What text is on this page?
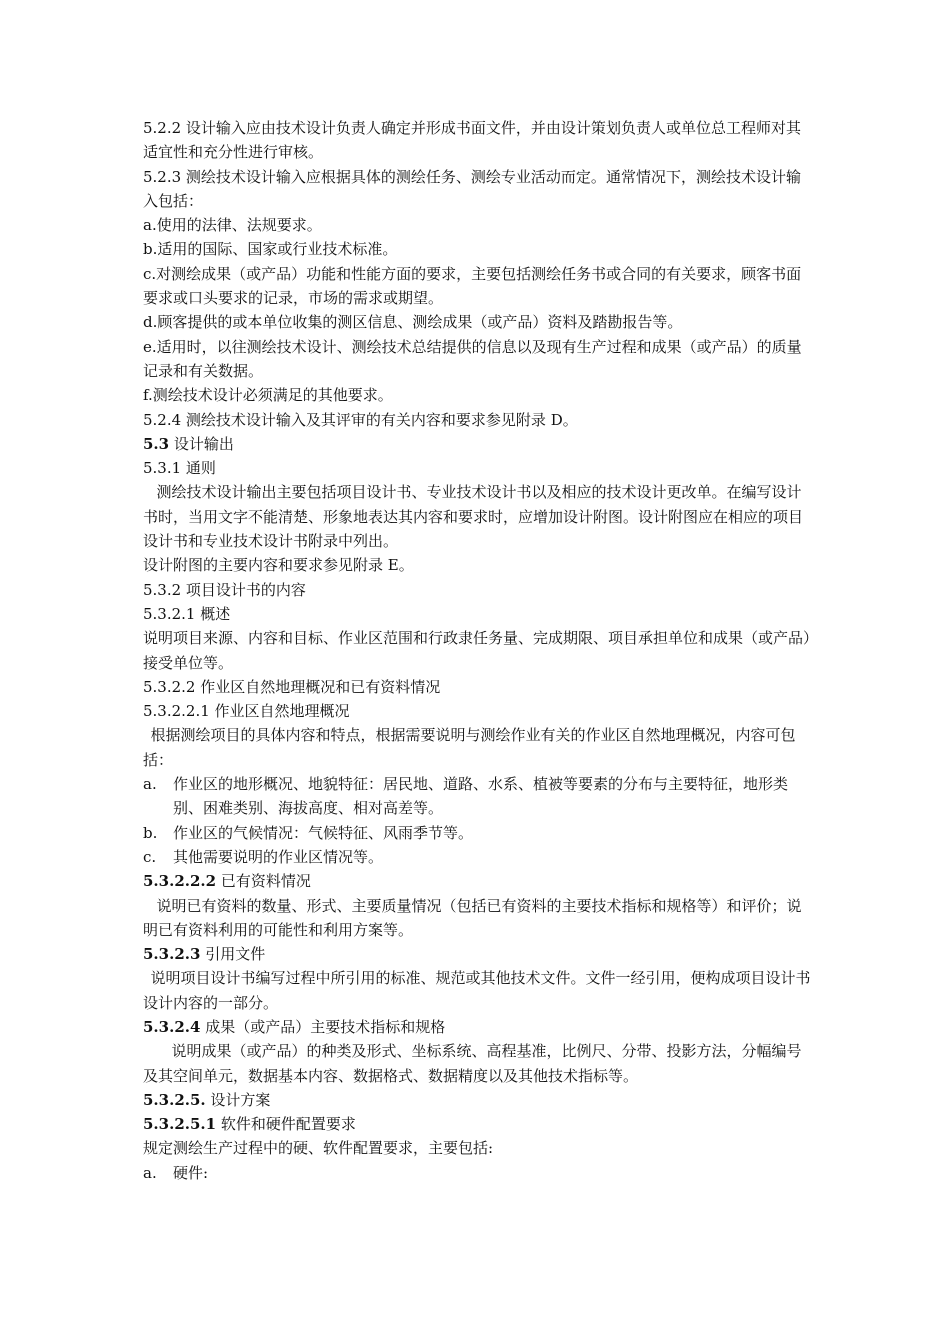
5.2.2 设计输入应由技术设计负责人确定并形成书面文件，并由设计策划负责人或单位总工程师对其适宜性和充分性进行审核。

5.2.3 测绘技术设计输入应根据具体的测绘任务、测绘专业活动而定。通常情况下，测绘技术设计输入包括：

a.使用的法律、法规要求。

b.适用的国际、国家或行业技术标准。

c.对测绘成果（或产品）功能和性能方面的要求，主要包括测绘任务书或合同的有关要求，顾客书面要求或口头要求的记录，市场的需求或期望。

d.顾客提供的或本单位收集的测区信息、测绘成果（或产品）资料及踏勘报告等。

e.适用时，以往测绘技术设计、测绘技术总结提供的信息以及现有生产过程和成果（或产品）的质量记录和有关数据。

f.测绘技术设计必须满足的其他要求。

5.2.4 测绘技术设计输入及其评审的有关内容和要求参见附录 D。

5.3 设计输出

5.3.1 通则

测绘技术设计输出主要包括项目设计书、专业技术设计书以及相应的技术设计更改单。在编写设计书时，当用文字不能清楚、形象地表达其内容和要求时，应增加设计附图。设计附图应在相应的项目设计书和专业技术设计书附录中列出。

设计附图的主要内容和要求参见附录 E。

5.3.2 项目设计书的内容

5.3.2.1 概述

说明项目来源、内容和目标、作业区范围和行政隶任务量、完成期限、项目承担单位和成果（或产品）接受单位等。

5.3.2.2 作业区自然地理概况和已有资料情况

5.3.2.2.1 作业区自然地理概况

根据测绘项目的具体内容和特点，根据需要说明与测绘作业有关的作业区自然地理概况，内容可包括：

a. 作业区的地形概况、地貌特征：居民地、道路、水系、植被等要素的分布与主要特征，地形类别、困难类别、海拔高度、相对高差等。

b. 作业区的气候情况：气候特征、风雨季节等。

c. 其他需要说明的作业区情况等。

5.3.2.2.2 已有资料情况

说明已有资料的数量、形式、主要质量情况（包括已有资料的主要技术指标和规格等）和评价；说明已有资料利用的可能性和利用方案等。

5.3.2.3 引用文件

说明项目设计书编写过程中所引用的标准、规范或其他技术文件。文件一经引用，便构成项目设计书设计内容的一部分。

5.3.2.4 成果（或产品）主要技术指标和规格

说明成果（或产品）的种类及形式、坐标系统、高程基准，比例尺、分带、投影方法，分幅编号及其空间单元，数据基本内容、数据格式、数据精度以及其他技术指标等。

5.3.2.5. 设计方案

5.3.2.5.1 软件和硬件配置要求

规定测绘生产过程中的硬、软件配置要求，主要包括:

a. 硬件:
